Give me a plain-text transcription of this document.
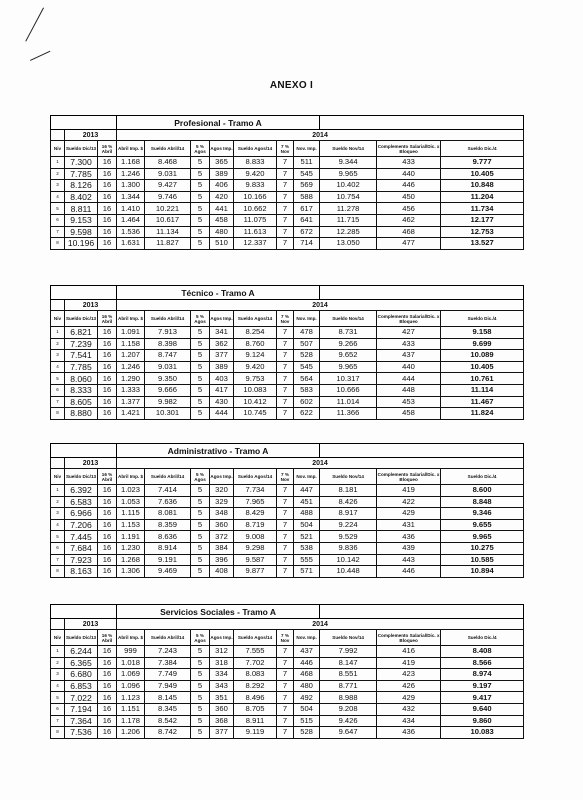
ANEXO I
			Profesional - Tramo A									
	2013		2014									
Niv	Sueldo Dic/13	16 % Abril	Abril Imp. $	Sueldo Abril/14	5 % Agos	Agos Imp.	Sueldo Agos/14	7 % Nov	Nov. Imp.	Sueldo Nov/14	Complemento Salarial/Dic. x Bloqueo	Sueldo Dic./4
1	7.300	16	1.168	8.468	5	365	8.833	7	511	9.344	433	9.777
2	7.785	16	1.246	9.031	5	389	9.420	7	545	9.965	440	10.405
3	8.126	16	1.300	9.427	5	406	9.833	7	569	10.402	446	10.848
4	8.402	16	1.344	9.746	5	420	10.166	7	588	10.754	450	11.204
5	8.811	16	1.410	10.221	5	441	10.662	7	617	11.278	456	11.734
6	9.153	16	1.464	10.617	5	458	11.075	7	641	11.715	462	12.177
7	9.598	16	1.536	11.134	5	480	11.613	7	672	12.285	468	12.753
8	10.196	16	1.631	11.827	5	510	12.337	7	714	13.050	477	13.527
			Técnico - Tramo A									
	2013		2014									
Niv	Sueldo Dic/13	16 % Abril	Abril Imp. $	Sueldo Abril/14	5 % Agos	Agos Imp.	Sueldo Agos/14	7 % Nov	Nov. Imp.	Sueldo Nov/14	Complemento Salarial/Dic. x Bloqueo	Sueldo Dic./4
1	6.821	16	1.091	7.913	5	341	8.254	7	478	8.731	427	9.158
2	7.239	16	1.158	8.398	5	362	8.760	7	507	9.266	433	9.699
3	7.541	16	1.207	8.747	5	377	9.124	7	528	9.652	437	10.089
4	7.785	16	1.246	9.031	5	389	9.420	7	545	9.965	440	10.405
5	8.060	16	1.290	9.350	5	403	9.753	7	564	10.317	444	10.761
6	8.333	16	1.333	9.666	5	417	10.083	7	583	10.666	448	11.114
7	8.605	16	1.377	9.982	5	430	10.412	7	602	11.014	453	11.467
8	8.880	16	1.421	10.301	5	444	10.745	7	622	11.366	458	11.824
			Administrativo - Tramo A									
	2013		2014									
Niv	Sueldo Dic/13	16 % Abril	Abril Imp. $	Sueldo Abril/14	5 % Agos	Agos Imp.	Sueldo Agos/14	7 % Nov	Nov. Imp.	Sueldo Nov/14	Complemento Salarial/Dic. x Bloqueo	Sueldo Dic./4
1	6.392	16	1.023	7.414	5	320	7.734	7	447	8.181	419	8.600
2	6.583	16	1.053	7.636	5	329	7.965	7	451	8.426	422	8.848
3	6.966	16	1.115	8.081	5	348	8.429	7	488	8.917	429	9.346
4	7.206	16	1.153	8.359	5	360	8.719	7	504	9.224	431	9.655
5	7.445	16	1.191	8.636	5	372	9.008	7	521	9.529	436	9.965
6	7.684	16	1.230	8.914	5	384	9.298	7	538	9.836	439	10.275
7	7.923	16	1.268	9.191	5	396	9.587	7	555	10.142	443	10.585
8	8.163	16	1.306	9.469	5	408	9.877	7	571	10.448	446	10.894
			Servicios Sociales - Tramo A									
	2013		2014									
Niv	Sueldo Dic/13	16 % Abril	Abril Imp. $	Sueldo Abril/14	5 % Agos	Agos Imp.	Sueldo Agos/14	7 % Nov	Nov. Imp.	Sueldo Nov/14	Complemento Salarial/Dic. x Bloqueo	Sueldo Dic./4
1	6.244	16	999	7.243	5	312	7.555	7	437	7.992	416	8.408
2	6.365	16	1.018	7.384	5	318	7.702	7	446	8.147	419	8.566
3	6.680	16	1.069	7.749	5	334	8.083	7	468	8.551	423	8.974
4	6.853	16	1.096	7.949	5	343	8.292	7	480	8.771	426	9.197
5	7.022	16	1.123	8.145	5	351	8.496	7	492	8.988	429	9.417
6	7.194	16	1.151	8.345	5	360	8.705	7	504	9.208	432	9.640
7	7.364	16	1.178	8.542	5	368	8.911	7	515	9.426	434	9.860
8	7.536	16	1.206	8.742	5	377	9.119	7	528	9.647	436	10.083
